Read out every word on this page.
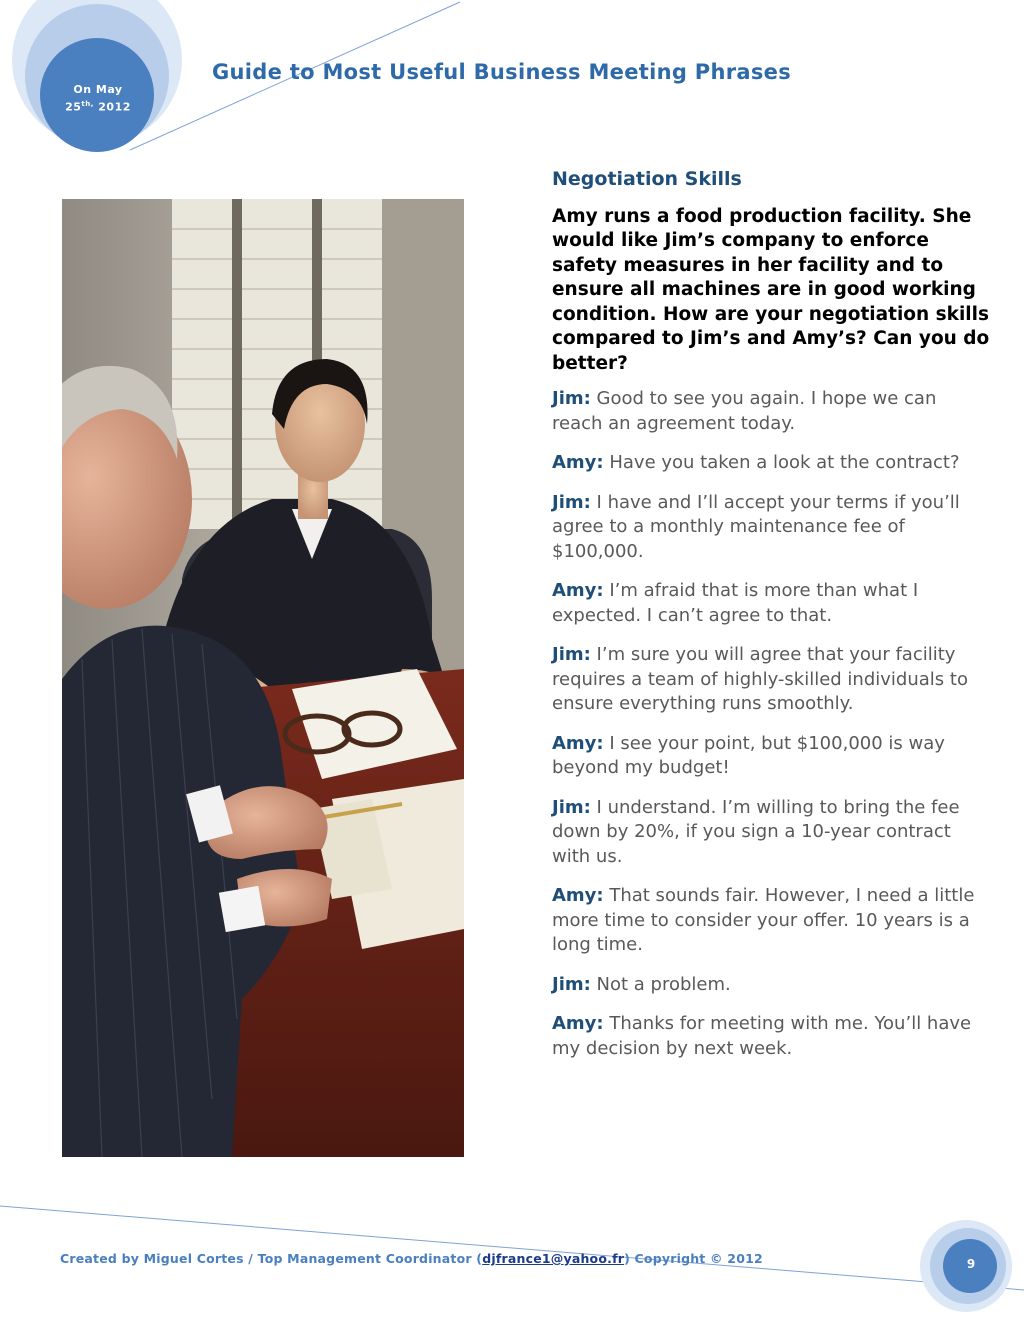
On May
$25^{th,}$ 2012
Guide to Most Useful Business Meeting Phrases
Negotiation Skills
Amy runs a food production facility. She would like Jim’s company to enforce safety measures in her facility and to ensure all machines are in good working condition. How are your negotiation skills compared to Jim’s and Amy’s? Can you do better?
Jim: Good to see you again. I hope we can reach an agreement today.
Amy: Have you taken a look at the contract?
Jim: I have and I’ll accept your terms if you’ll agree to a monthly maintenance fee of $100,000.
Amy: I’m afraid that is more than what I expected. I can’t agree to that.
Jim: I’m sure you will agree that your facility requires a team of highly-skilled individuals to ensure everything runs smoothly.
Amy: I see your point, but $100,000 is way beyond my budget!
Jim: I understand. I’m willing to bring the fee down by 20%, if you sign a 10-year contract with us.
Amy: That sounds fair. However, I need a little more time to consider your offer. 10 years is a long time.
Jim: Not a problem.
Amy: Thanks for meeting with me. You’ll have my decision by next week.
Created by Miguel Cortes / Top Management Coordinator (djfrance1@yahoo.fr) Copyright © 2012	9
